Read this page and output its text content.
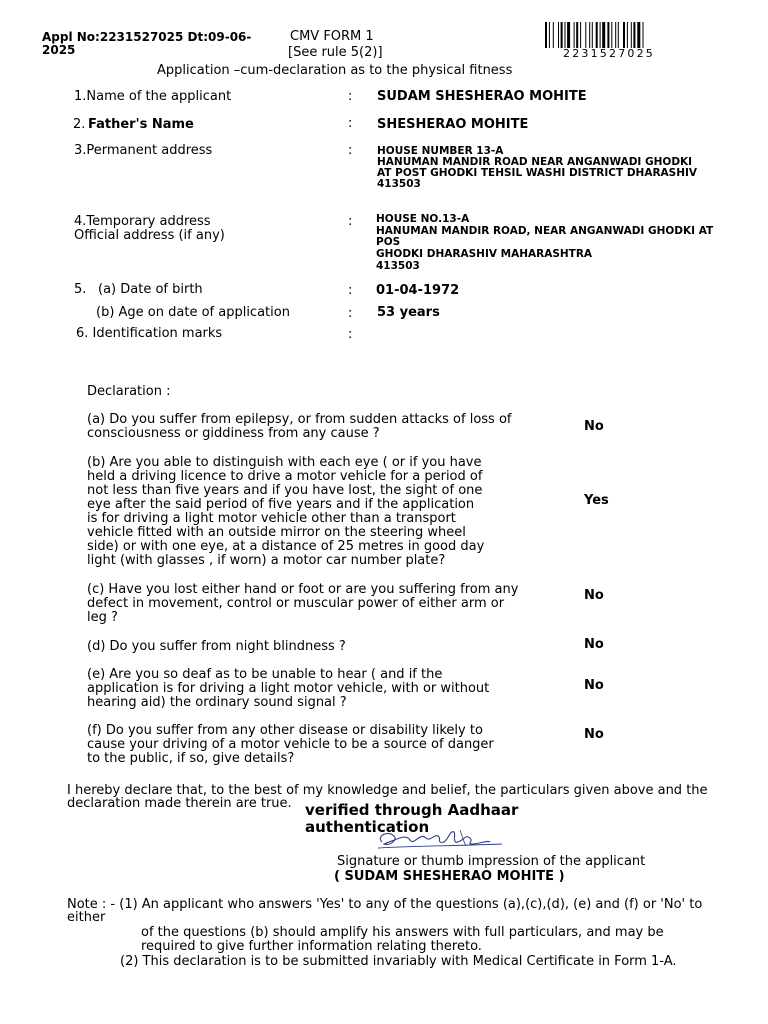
Appl No:2231527025 Dt:09-06-
2025
CMV FORM 1
[See rule 5(2)]	2231527025
Application –cum-declaration as to the physical fitness
1.Name of the applicant	: SUDAM SHESHERAO MOHITE
2. Father's Name	: SHESHERAO MOHITE
3.Permanent address	: HOUSE NUMBER 13-A
HANUMAN MANDIR ROAD NEAR ANGANWADI GHODKI
AT POST GHODKI TEHSIL WASHI DISTRICT DHARASHIV
413503
4.Temporary address
Official address (if any)
: HOUSE NO.13-A
HANUMAN MANDIR ROAD, NEAR ANGANWADI GHODKI AT
POS
GHODKI DHARASHIV MAHARASHTRA
413503
5. (a) Date of birth	: 01-04-1972
(b) Age on date of application	: 53 years
6. Identification marks	:
Declaration :
(a) Do you suffer from epilepsy, or from sudden attacks of loss of consciousness or giddiness from any cause ?	No
(b) Are you able to distinguish with each eye ( or if you have held a driving licence to drive a motor vehicle for a period of not less than five years and if you have lost, the sight of one eye after the said period of five years and if the application is for driving a light motor vehicle other than a transport vehicle fitted with an outside mirror on the steering wheel side) or with one eye, at a distance of 25 metres in good day light (with glasses , if worn) a motor car number plate?
Yes
(c) Have you lost either hand or foot or are you suffering from any defect in movement, control or muscular power of either arm or leg ?
No
(d) Do you suffer from night blindness ?	No
(e) Are you so deaf as to be unable to hear ( and if the application is for driving a light motor vehicle, with or without hearing aid) the ordinary sound signal ?
No
(f) Do you suffer from any other disease or disability likely to cause your driving of a motor vehicle to be a source of danger to the public, if so, give details?
No
I hereby declare that, to the best of my knowledge and belief, the particulars given above and the
declaration made therein are true. verified through Aadhaar
authentication
Signature or thumb impression of the applicant
( SUDAM SHESHERAO MOHITE )
Note : - (1) An applicant who answers 'Yes' to any of the questions (a),(c),(d), (e) and (f) or 'No' to
either
of the questions (b) should amplify his answers with full particulars, and may be
required to give further information relating thereto.
(2) This declaration is to be submitted invariably with Medical Certificate in Form 1-A.
